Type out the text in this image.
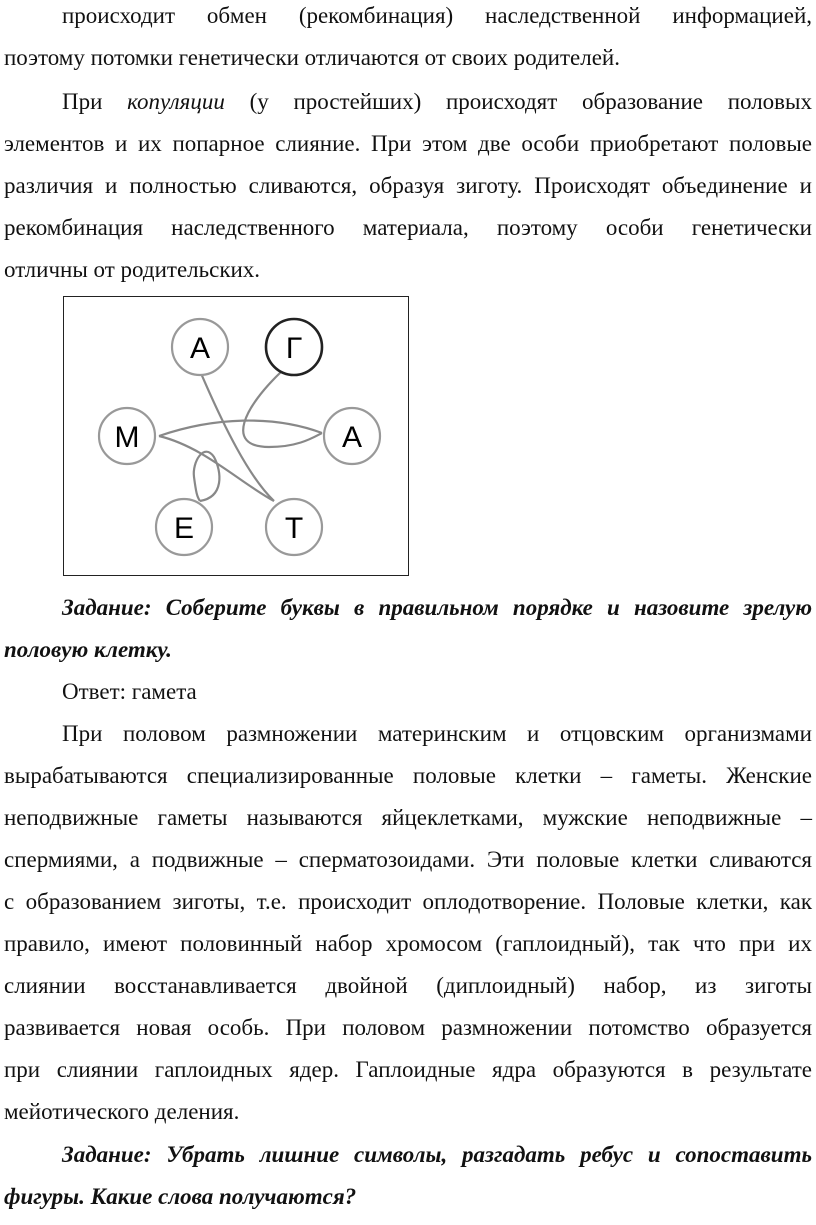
происходит обмен (рекомбинация) наследственной информацией,
поэтому потомки генетически отличаются от своих родителей.
При копуляции (у простейших) происходят образование половых
элементов и их попарное слияние. При этом две особи приобретают половые
различия и полностью сливаются, образуя зиготу. Происходят объединение и
рекомбинация наследственного материала, поэтому особи генетически
отличны от родительских.
А	Г
М	А
Е	Т
Задание: Соберите буквы в правильном порядке и назовите зрелую
половую клетку.
Ответ: гамета
При половом размножении материнским и отцовским организмами
вырабатываются специализированные половые клетки – гаметы. Женские
неподвижные гаметы называются яйцеклетками, мужские неподвижные –
спермиями, а подвижные – сперматозоидами. Эти половые клетки сливаются
с образованием зиготы, т.е. происходит оплодотворение. Половые клетки, как
правило, имеют половинный набор хромосом (гаплоидный), так что при их
слиянии восстанавливается двойной (диплоидный) набор, из зиготы
развивается новая особь. При половом размножении потомство образуется
при слиянии гаплоидных ядер. Гаплоидные ядра образуются в результате
мейотического деления.
Задание: Убрать лишние символы, разгадать ребус и сопоставить
фигуры. Какие слова получаются?
